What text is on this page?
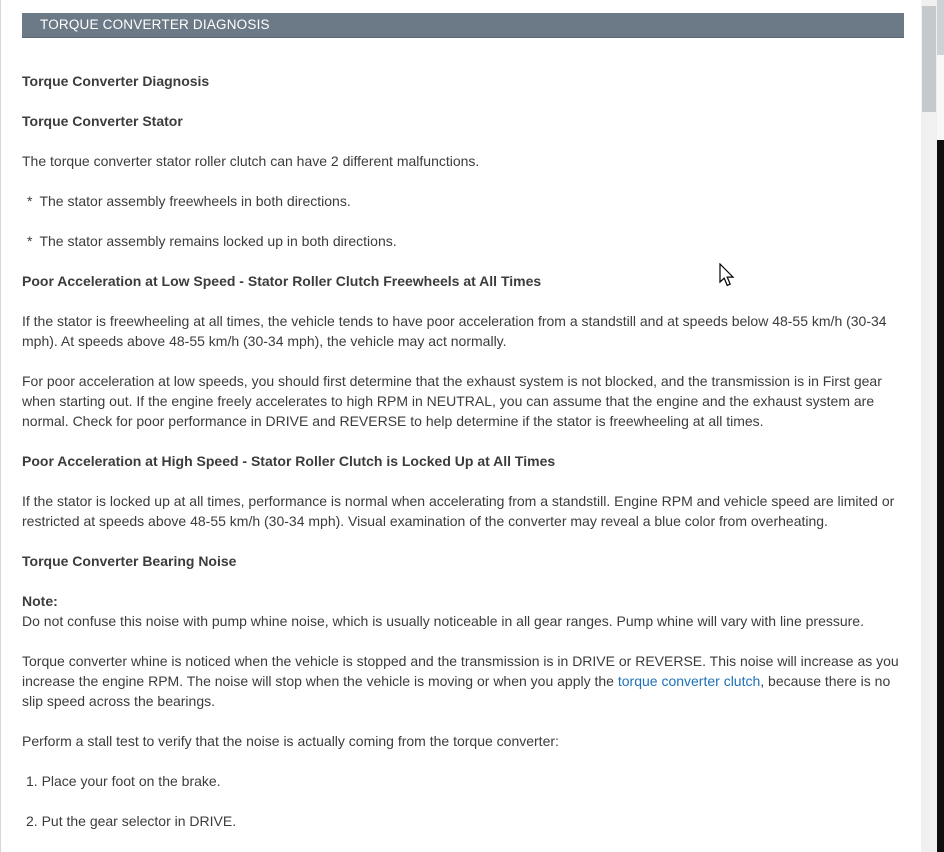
TORQUE CONVERTER DIAGNOSIS
Torque Converter Diagnosis
Torque Converter Stator
The torque converter stator roller clutch can have 2 different malfunctions.
* The stator assembly freewheels in both directions.
* The stator assembly remains locked up in both directions.
Poor Acceleration at Low Speed - Stator Roller Clutch Freewheels at All Times
If the stator is freewheeling at all times, the vehicle tends to have poor acceleration from a standstill and at speeds below 48-55 km/h (30-34 mph). At speeds above 48-55 km/h (30-34 mph), the vehicle may act normally.
For poor acceleration at low speeds, you should first determine that the exhaust system is not blocked, and the transmission is in First gear when starting out. If the engine freely accelerates to high RPM in NEUTRAL, you can assume that the engine and the exhaust system are normal. Check for poor performance in DRIVE and REVERSE to help determine if the stator is freewheeling at all times.
Poor Acceleration at High Speed - Stator Roller Clutch is Locked Up at All Times
If the stator is locked up at all times, performance is normal when accelerating from a standstill. Engine RPM and vehicle speed are limited or restricted at speeds above 48-55 km/h (30-34 mph). Visual examination of the converter may reveal a blue color from overheating.
Torque Converter Bearing Noise
Note:
Do not confuse this noise with pump whine noise, which is usually noticeable in all gear ranges. Pump whine will vary with line pressure.
Torque converter whine is noticed when the vehicle is stopped and the transmission is in DRIVE or REVERSE. This noise will increase as you increase the engine RPM. The noise will stop when the vehicle is moving or when you apply the torque converter clutch, because there is no slip speed across the bearings.
Perform a stall test to verify that the noise is actually coming from the torque converter:
1. Place your foot on the brake.
2. Put the gear selector in DRIVE.
